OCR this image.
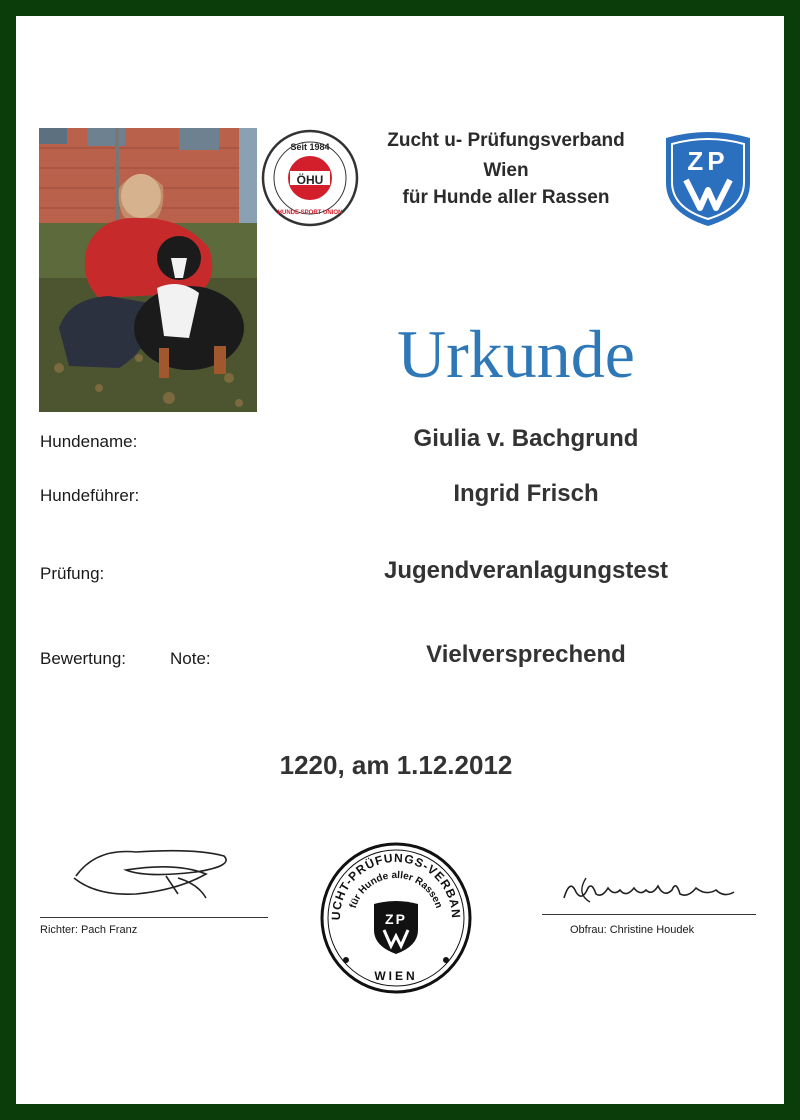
Seit 1984
ÖHU
HUNDE SPORT UNION
Zucht u- Prüfungsverband
Wien
für Hunde aller Rassen
ZP
Urkunde
Hundename:	Giulia v. Bachgrund
Hundeführer:	Ingrid Frisch
Prüfung:	Jugendveranlagungstest
Bewertung:	Note:	Vielversprechend
1220, am 1.12.2012
Richter: Pach Franz
UCHT-PRÜFUNGS-VERBAN
für Hunde aller Rassen
ZP
WIEN
Obfrau: Christine Houdek
